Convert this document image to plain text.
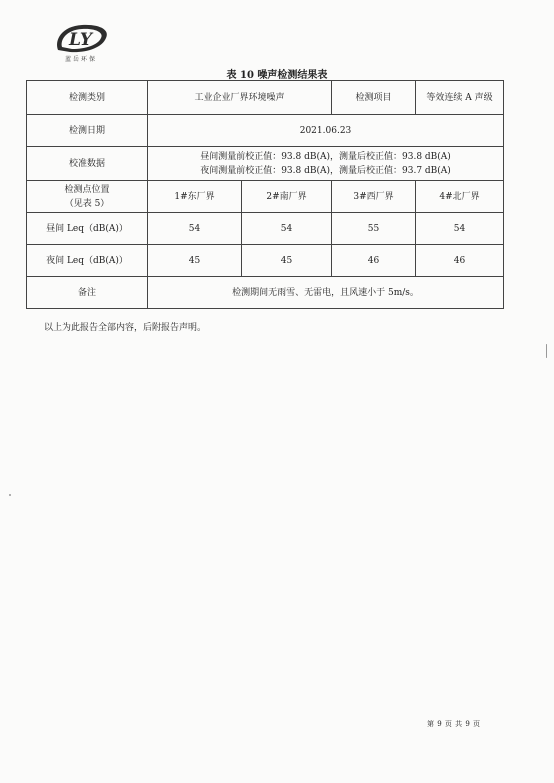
LY
蓝岳环保
表 10 噪声检测结果表
检测类别	工业企业厂界环境噪声		检测项目	等效连续 A 声级
检测日期	2021.06.23			
校准数据	昼间测量前校正值：93.8 dB(A)，测量后校正值：93.8 dB(A)
夜间测量前校正值：93.8 dB(A)，测量后校正值：93.7 dB(A)			

检测点位置
（见表 5）	1#东厂界	2#南厂界	3#西厂界	4#北厂界
昼间 Leq（dB(A)）	54	54	55	54
夜间 Leq（dB(A)）	45	45	46	46
备注	检测期间无雨雪、无雷电，且风速小于 5m/s。			
以上为此报告全部内容，后附报告声明。
第 9 页 共 9 页
